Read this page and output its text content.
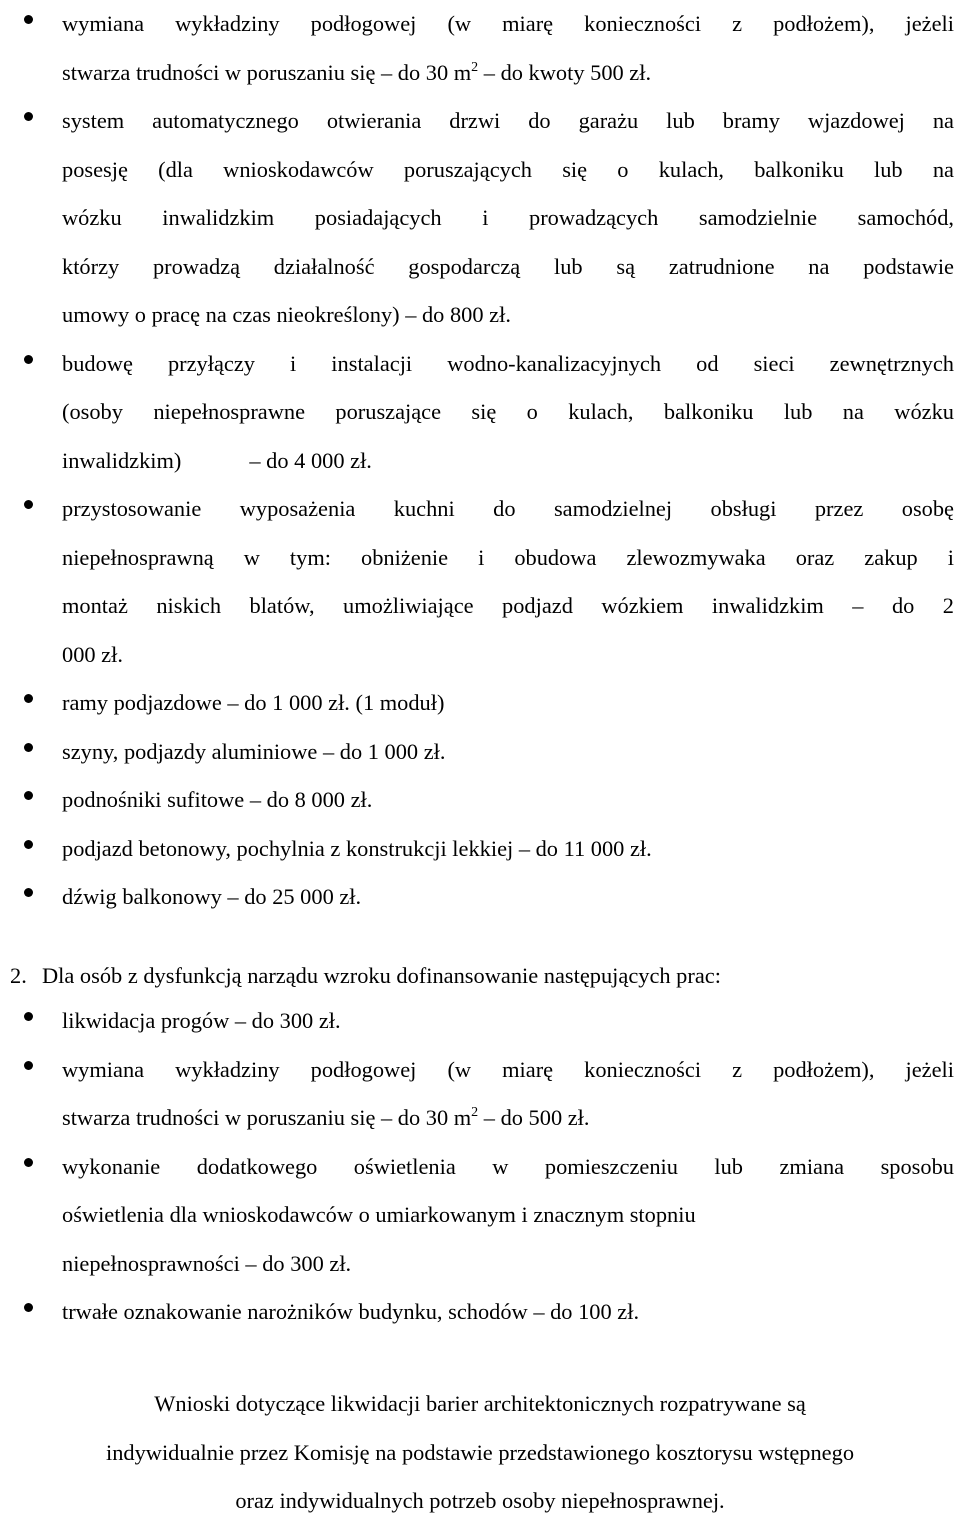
wymiana wykładziny podłogowej (w miarę konieczności z podłożem), jeżeli
stwarza trudności w poruszaniu się – do 30 $m^2$ – do kwoty 500 zł.
system automatycznego otwierania drzwi do garażu lub bramy wjazdowej na
posesję (dla wnioskodawców poruszających się o kulach, balkoniku lub na
wózku inwalidzkim posiadających i prowadzących samodzielnie samochód,
którzy prowadzą działalność gospodarczą lub są zatrudnione na podstawie
umowy o pracę na czas nieokreślony) – do 800 zł.
budowę przyłączy i instalacji wodno-kanalizacyjnych od sieci zewnętrznych
(osoby niepełnosprawne poruszające się o kulach, balkoniku lub na wózku
inwalidzkim)	– do 4 000 zł.
przystosowanie wyposażenia kuchni do samodzielnej obsługi przez osobę
niepełnosprawną w tym: obniżenie i obudowa zlewozmywaka oraz zakup i
montaż niskich blatów, umożliwiające podjazd wózkiem inwalidzkim – do 2
000 zł.
ramy podjazdowe – do 1 000 zł. (1 moduł)
szyny, podjazdy aluminiowe – do 1 000 zł.
podnośniki sufitowe – do 8 000 zł.
podjazd betonowy, pochylnia z konstrukcji lekkiej – do 11 000 zł.
dźwig balkonowy – do 25 000 zł.
2. Dla osób z dysfunkcją narządu wzroku dofinansowanie następujących prac:
likwidacja progów – do 300 zł.
wymiana wykładziny podłogowej (w miarę konieczności z podłożem), jeżeli
stwarza trudności w poruszaniu się – do 30 $m^2$ – do 500 zł.
wykonanie dodatkowego oświetlenia w pomieszczeniu lub zmiana sposobu
oświetlenia dla wnioskodawców o umiarkowanym i znacznym stopniu
niepełnosprawności – do 300 zł.
trwałe oznakowanie narożników budynku, schodów – do 100 zł.
Wnioski dotyczące likwidacji barier architektonicznych rozpatrywane są
indywidualnie przez Komisję na podstawie przedstawionego kosztorysu wstępnego
oraz indywidualnych potrzeb osoby niepełnosprawnej.
